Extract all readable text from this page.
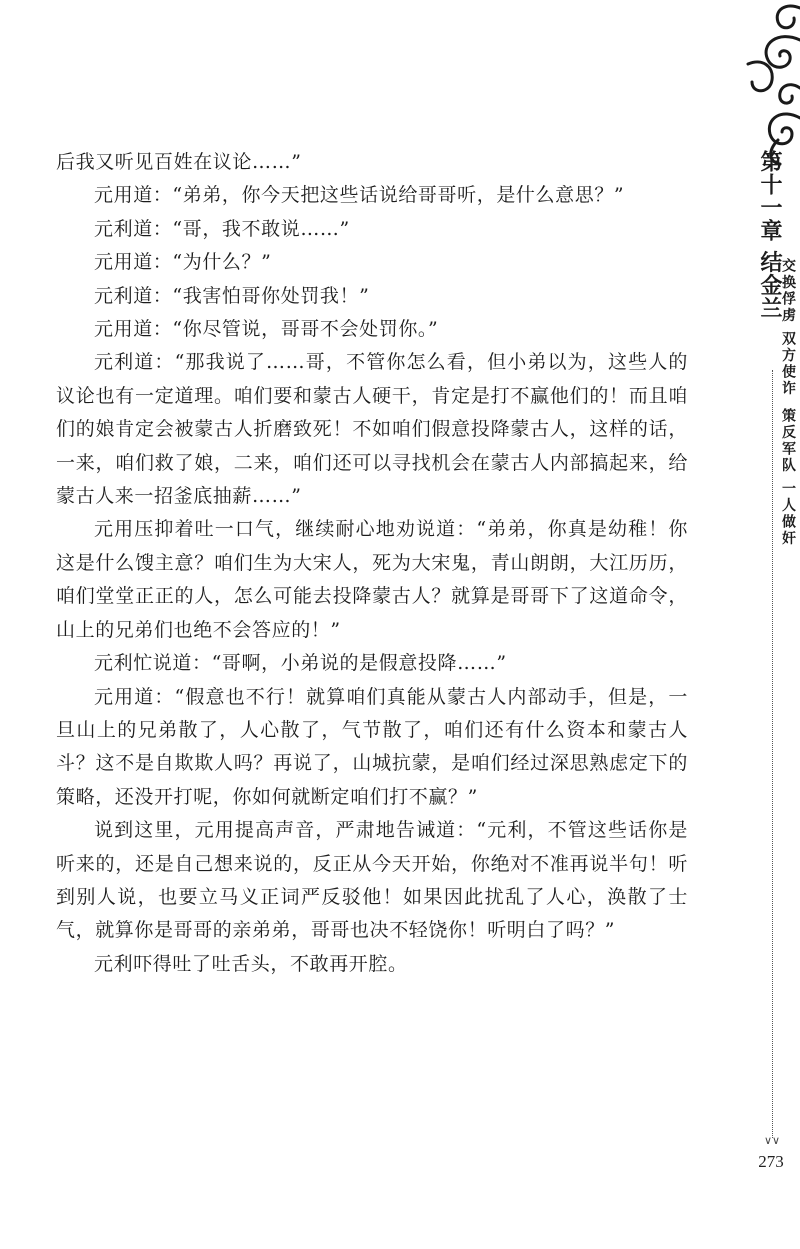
第十一章 结金兰
交换俘虏 双方使诈
策反军队 一人做奸
∨∨
273

后我又听见百姓在议论……”

元用道：“弟弟，你今天把这些话说给哥哥听，是什么意思？”

元利道：“哥，我不敢说……”

元用道：“为什么？”

元利道：“我害怕哥你处罚我！”

元用道：“你尽管说，哥哥不会处罚你。”

元利道：“那我说了……哥，不管你怎么看，但小弟以为，这些人的议论也有一定道理。咱们要和蒙古人硬干，肯定是打不赢他们的！而且咱们的娘肯定会被蒙古人折磨致死！不如咱们假意投降蒙古人，这样的话，一来，咱们救了娘，二来，咱们还可以寻找机会在蒙古人内部搞起来，给蒙古人来一招釜底抽薪……”

元用压抑着吐一口气，继续耐心地劝说道：“弟弟，你真是幼稚！你这是什么馊主意？咱们生为大宋人，死为大宋鬼，青山朗朗，大江历历，咱们堂堂正正的人，怎么可能去投降蒙古人？就算是哥哥下了这道命令，山上的兄弟们也绝不会答应的！”

元利忙说道：“哥啊，小弟说的是假意投降……”

元用道：“假意也不行！就算咱们真能从蒙古人内部动手，但是，一旦山上的兄弟散了，人心散了，气节散了，咱们还有什么资本和蒙古人斗？这不是自欺欺人吗？再说了，山城抗蒙，是咱们经过深思熟虑定下的策略，还没开打呢，你如何就断定咱们打不赢？”

说到这里，元用提高声音，严肃地告诫道：“元利，不管这些话你是听来的，还是自己想来说的，反正从今天开始，你绝对不准再说半句！听到别人说，也要立马义正词严反驳他！如果因此扰乱了人心，涣散了士气，就算你是哥哥的亲弟弟，哥哥也决不轻饶你！听明白了吗？”

元利吓得吐了吐舌头，不敢再开腔。
